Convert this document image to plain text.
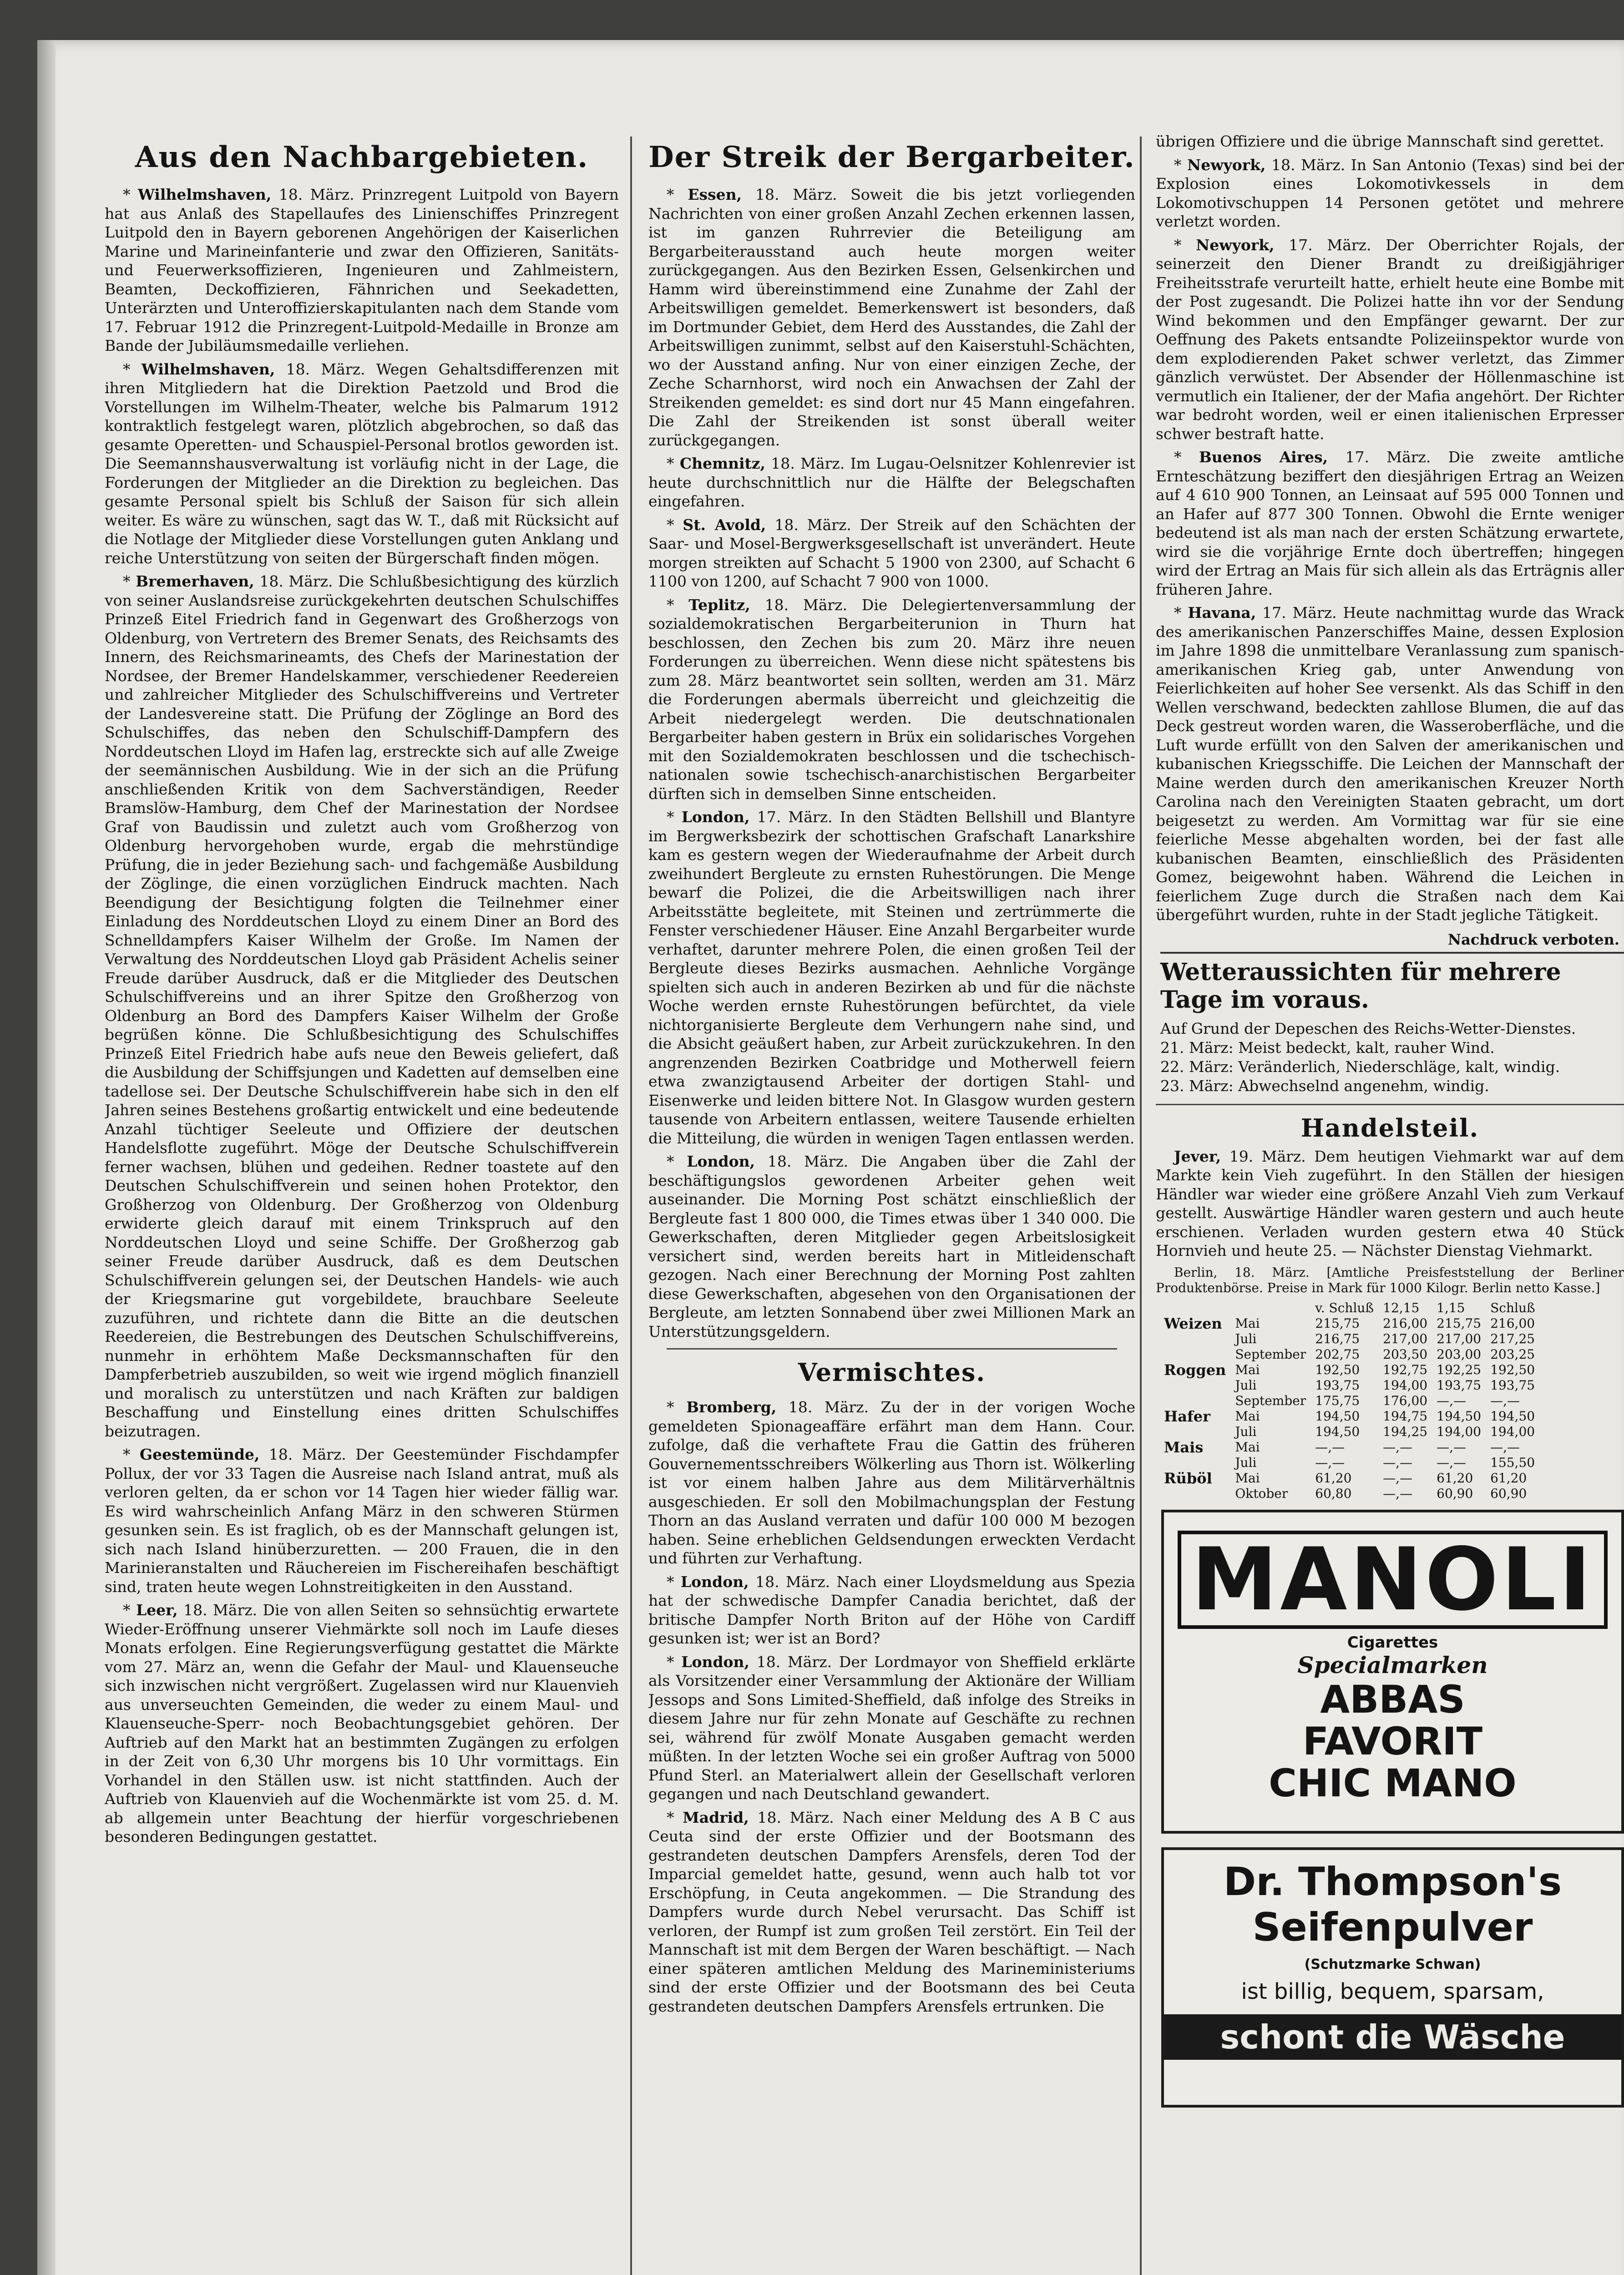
Aus den Nachbargebieten.

* Wilhelmshaven, 18. März. Prinzregent Luitpold von Bayern hat aus Anlaß des Stapellaufes des Linienschiffes Prinzregent Luitpold den in Bayern geborenen Angehörigen der Kaiserlichen Marine und Marineinfanterie und zwar den Offizieren, Sanitäts- und Feuerwerksoffizieren, Ingenieuren und Zahlmeistern, Beamten, Deckoffizieren, Fähnrichen und Seekadetten, Unterärzten und Unteroffizierskapitulanten nach dem Stande vom 17. Februar 1912 die Prinzregent-Luitpold-Medaille in Bronze am Bande der Jubiläumsmedaille verliehen.

* Wilhelmshaven, 18. März. Wegen Gehaltsdifferenzen mit ihren Mitgliedern hat die Direktion Paetzold und Brod die Vorstellungen im Wilhelm-Theater, welche bis Palmarum 1912 kontraktlich festgelegt waren, plötzlich abgebrochen, so daß das gesamte Operetten- und Schauspiel-Personal brotlos geworden ist. Die Seemannshausverwaltung ist vorläufig nicht in der Lage, die Forderungen der Mitglieder an die Direktion zu begleichen. Das gesamte Personal spielt bis Schluß der Saison für sich allein weiter. Es wäre zu wünschen, sagt das W. T., daß mit Rücksicht auf die Notlage der Mitglieder diese Vorstellungen guten Anklang und reiche Unterstützung von seiten der Bürgerschaft finden mögen.

* Bremerhaven, 18. März. Die Schlußbesichtigung des kürzlich von seiner Auslandsreise zurückgekehrten deutschen Schulschiffes Prinzeß Eitel Friedrich fand in Gegenwart des Großherzogs von Oldenburg, von Vertretern des Bremer Senats, des Reichsamts des Innern, des Reichsmarineamts, des Chefs der Marinestation der Nordsee, der Bremer Handelskammer, verschiedener Reedereien und zahlreicher Mitglieder des Schulschiffvereins und Vertreter der Landesvereine statt. Die Prüfung der Zöglinge an Bord des Schulschiffes, das neben den Schulschiff-Dampfern des Norddeutschen Lloyd im Hafen lag, erstreckte sich auf alle Zweige der seemännischen Ausbildung. Wie in der sich an die Prüfung anschließenden Kritik von dem Sachverständigen, Reeder Bramslöw-Hamburg, dem Chef der Marinestation der Nordsee Graf von Baudissin und zuletzt auch vom Großherzog von Oldenburg hervorgehoben wurde, ergab die mehrstündige Prüfung, die in jeder Beziehung sach- und fachgemäße Ausbildung der Zöglinge, die einen vorzüglichen Eindruck machten. Nach Beendigung der Besichtigung folgten die Teilnehmer einer Einladung des Norddeutschen Lloyd zu einem Diner an Bord des Schnelldampfers Kaiser Wilhelm der Große. Im Namen der Verwaltung des Norddeutschen Lloyd gab Präsident Achelis seiner Freude darüber Ausdruck, daß er die Mitglieder des Deutschen Schulschiffvereins und an ihrer Spitze den Großherzog von Oldenburg an Bord des Dampfers Kaiser Wilhelm der Große begrüßen könne. Die Schlußbesichtigung des Schulschiffes Prinzeß Eitel Friedrich habe aufs neue den Beweis geliefert, daß die Ausbildung der Schiffsjungen und Kadetten auf demselben eine tadellose sei. Der Deutsche Schulschiffverein habe sich in den elf Jahren seines Bestehens großartig entwickelt und eine bedeutende Anzahl tüchtiger Seeleute und Offiziere der deutschen Handelsflotte zugeführt. Möge der Deutsche Schulschiffverein ferner wachsen, blühen und gedeihen. Redner toastete auf den Deutschen Schulschiffverein und seinen hohen Protektor, den Großherzog von Oldenburg. Der Großherzog von Oldenburg erwiderte gleich darauf mit einem Trinkspruch auf den Norddeutschen Lloyd und seine Schiffe. Der Großherzog gab seiner Freude darüber Ausdruck, daß es dem Deutschen Schulschiffverein gelungen sei, der Deutschen Handels- wie auch der Kriegsmarine gut vorgebildete, brauchbare Seeleute zuzuführen, und richtete dann die Bitte an die deutschen Reedereien, die Bestrebungen des Deutschen Schulschiffvereins, nunmehr in erhöhtem Maße Decksmannschaften für den Dampferbetrieb auszubilden, so weit wie irgend möglich finanziell und moralisch zu unterstützen und nach Kräften zur baldigen Beschaffung und Einstellung eines dritten Schulschiffes beizutragen.

* Geestemünde, 18. März. Der Geestemünder Fischdampfer Pollux, der vor 33 Tagen die Ausreise nach Island antrat, muß als verloren gelten, da er schon vor 14 Tagen hier wieder fällig war. Es wird wahrscheinlich Anfang März in den schweren Stürmen gesunken sein. Es ist fraglich, ob es der Mannschaft gelungen ist, sich nach Island hinüberzuretten. — 200 Frauen, die in den Marinieranstalten und Räuchereien im Fischereihafen beschäftigt sind, traten heute wegen Lohnstreitigkeiten in den Ausstand.

* Leer, 18. März. Die von allen Seiten so sehnsüchtig erwartete Wieder-Eröffnung unserer Viehmärkte soll noch im Laufe dieses Monats erfolgen. Eine Regierungsverfügung gestattet die Märkte vom 27. März an, wenn die Gefahr der Maul- und Klauenseuche sich inzwischen nicht vergrößert. Zugelassen wird nur Klauenvieh aus unverseuchten Gemeinden, die weder zu einem Maul- und Klauenseuche-Sperr- noch Beobachtungsgebiet gehören. Der Auftrieb auf den Markt hat an bestimmten Zugängen zu erfolgen in der Zeit von 6,30 Uhr morgens bis 10 Uhr vormittags. Ein Vorhandel in den Ställen usw. ist nicht stattfinden. Auch der Auftrieb von Klauenvieh auf die Wochenmärkte ist vom 25. d. M. ab allgemein unter Beachtung der hierfür vorgeschriebenen besonderen Bedingungen gestattet.

Der Streik der Bergarbeiter.

* Essen, 18. März. Soweit die bis jetzt vorliegenden Nachrichten von einer großen Anzahl Zechen erkennen lassen, ist im ganzen Ruhrrevier die Beteiligung am Bergarbeiterausstand auch heute morgen weiter zurückgegangen. Aus den Bezirken Essen, Gelsenkirchen und Hamm wird übereinstimmend eine Zunahme der Zahl der Arbeitswilligen gemeldet. Bemerkenswert ist besonders, daß im Dortmunder Gebiet, dem Herd des Ausstandes, die Zahl der Arbeitswilligen zunimmt, selbst auf den Kaiserstuhl-Schächten, wo der Ausstand anfing. Nur von einer einzigen Zeche, der Zeche Scharnhorst, wird noch ein Anwachsen der Zahl der Streikenden gemeldet: es sind dort nur 45 Mann eingefahren. Die Zahl der Streikenden ist sonst überall weiter zurückgegangen.

* Chemnitz, 18. März. Im Lugau-Oelsnitzer Kohlenrevier ist heute durchschnittlich nur die Hälfte der Belegschaften eingefahren.

* St. Avold, 18. März. Der Streik auf den Schächten der Saar- und Mosel-Bergwerksgesellschaft ist unverändert. Heute morgen streikten auf Schacht 5 1900 von 2300, auf Schacht 6 1100 von 1200, auf Schacht 7 900 von 1000.

* Teplitz, 18. März. Die Delegiertenversammlung der sozialdemokratischen Bergarbeiterunion in Thurn hat beschlossen, den Zechen bis zum 20. März ihre neuen Forderungen zu überreichen. Wenn diese nicht spätestens bis zum 28. März beantwortet sein sollten, werden am 31. März die Forderungen abermals überreicht und gleichzeitig die Arbeit niedergelegt werden. Die deutschnationalen Bergarbeiter haben gestern in Brüx ein solidarisches Vorgehen mit den Sozialdemokraten beschlossen und die tschechisch-nationalen sowie tschechisch-anarchistischen Bergarbeiter dürften sich in demselben Sinne entscheiden.

* London, 17. März. In den Städten Bellshill und Blantyre im Bergwerksbezirk der schottischen Grafschaft Lanarkshire kam es gestern wegen der Wiederaufnahme der Arbeit durch zweihundert Bergleute zu ernsten Ruhestörungen. Die Menge bewarf die Polizei, die die Arbeitswilligen nach ihrer Arbeitsstätte begleitete, mit Steinen und zertrümmerte die Fenster verschiedener Häuser. Eine Anzahl Bergarbeiter wurde verhaftet, darunter mehrere Polen, die einen großen Teil der Bergleute dieses Bezirks ausmachen. Aehnliche Vorgänge spielten sich auch in anderen Bezirken ab und für die nächste Woche werden ernste Ruhestörungen befürchtet, da viele nichtorganisierte Bergleute dem Verhungern nahe sind, und die Absicht geäußert haben, zur Arbeit zurückzukehren. In den angrenzenden Bezirken Coatbridge und Motherwell feiern etwa zwanzigtausend Arbeiter der dortigen Stahl- und Eisenwerke und leiden bittere Not. In Glasgow wurden gestern tausende von Arbeitern entlassen, weitere Tausende erhielten die Mitteilung, die würden in wenigen Tagen entlassen werden.

* London, 18. März. Die Angaben über die Zahl der beschäftigungslos gewordenen Arbeiter gehen weit auseinander. Die Morning Post schätzt einschließlich der Bergleute fast 1 800 000, die Times etwas über 1 340 000. Die Gewerkschaften, deren Mitglieder gegen Arbeitslosigkeit versichert sind, werden bereits hart in Mitleidenschaft gezogen. Nach einer Berechnung der Morning Post zahlten diese Gewerkschaften, abgesehen von den Organisationen der Bergleute, am letzten Sonnabend über zwei Millionen Mark an Unterstützungsgeldern.

Vermischtes.

* Bromberg, 18. März. Zu der in der vorigen Woche gemeldeten Spionageaffäre erfährt man dem Hann. Cour. zufolge, daß die verhaftete Frau die Gattin des früheren Gouvernementsschreibers Wölkerling aus Thorn ist. Wölkerling ist vor einem halben Jahre aus dem Militärverhältnis ausgeschieden. Er soll den Mobilmachungsplan der Festung Thorn an das Ausland verraten und dafür 100 000 M bezogen haben. Seine erheblichen Geldsendungen erweckten Verdacht und führten zur Verhaftung.

* London, 18. März. Nach einer Lloydsmeldung aus Spezia hat der schwedische Dampfer Canadia berichtet, daß der britische Dampfer North Briton auf der Höhe von Cardiff gesunken ist; wer ist an Bord?

* London, 18. März. Der Lordmayor von Sheffield erklärte als Vorsitzender einer Versammlung der Aktionäre der William Jessops and Sons Limited-Sheffield, daß infolge des Streiks in diesem Jahre nur für zehn Monate auf Geschäfte zu rechnen sei, während für zwölf Monate Ausgaben gemacht werden müßten. In der letzten Woche sei ein großer Auftrag von 5000 Pfund Sterl. an Materialwert allein der Gesellschaft verloren gegangen und nach Deutschland gewandert.

* Madrid, 18. März. Nach einer Meldung des A B C aus Ceuta sind der erste Offizier und der Bootsmann des gestrandeten deutschen Dampfers Arensfels, deren Tod der Imparcial gemeldet hatte, gesund, wenn auch halb tot vor Erschöpfung, in Ceuta angekommen. — Die Strandung des Dampfers wurde durch Nebel verursacht. Das Schiff ist verloren, der Rumpf ist zum großen Teil zerstört. Ein Teil der Mannschaft ist mit dem Bergen der Waren beschäftigt. — Nach einer späteren amtlichen Meldung des Marineministeriums sind der erste Offizier und der Bootsmann des bei Ceuta gestrandeten deutschen Dampfers Arensfels ertrunken. Die

übrigen Offiziere und die übrige Mannschaft sind gerettet.

* Newyork, 18. März. In San Antonio (Texas) sind bei der Explosion eines Lokomotivkessels in dem Lokomotivschuppen 14 Personen getötet und mehrere verletzt worden.

* Newyork, 17. März. Der Oberrichter Rojals, der seinerzeit den Diener Brandt zu dreißigjähriger Freiheitsstrafe verurteilt hatte, erhielt heute eine Bombe mit der Post zugesandt. Die Polizei hatte ihn vor der Sendung Wind bekommen und den Empfänger gewarnt. Der zur Oeffnung des Pakets entsandte Polizeiinspektor wurde von dem explodierenden Paket schwer verletzt, das Zimmer gänzlich verwüstet. Der Absender der Höllenmaschine ist vermutlich ein Italiener, der der Mafia angehört. Der Richter war bedroht worden, weil er einen italienischen Erpresser schwer bestraft hatte.

* Buenos Aires, 17. März. Die zweite amtliche Ernteschätzung beziffert den diesjährigen Ertrag an Weizen auf 4 610 900 Tonnen, an Leinsaat auf 595 000 Tonnen und an Hafer auf 877 300 Tonnen. Obwohl die Ernte weniger bedeutend ist als man nach der ersten Schätzung erwartete, wird sie die vorjährige Ernte doch übertreffen; hingegen wird der Ertrag an Mais für sich allein als das Erträgnis aller früheren Jahre.

* Havana, 17. März. Heute nachmittag wurde das Wrack des amerikanischen Panzerschiffes Maine, dessen Explosion im Jahre 1898 die unmittelbare Veranlassung zum spanisch-amerikanischen Krieg gab, unter Anwendung von Feierlichkeiten auf hoher See versenkt. Als das Schiff in den Wellen verschwand, bedeckten zahllose Blumen, die auf das Deck gestreut worden waren, die Wasseroberfläche, und die Luft wurde erfüllt von den Salven der amerikanischen und kubanischen Kriegsschiffe. Die Leichen der Mannschaft der Maine werden durch den amerikanischen Kreuzer North Carolina nach den Vereinigten Staaten gebracht, um dort beigesetzt zu werden. Am Vormittag war für sie eine feierliche Messe abgehalten worden, bei der fast alle kubanischen Beamten, einschließlich des Präsidenten Gomez, beigewohnt haben. Während die Leichen in feierlichem Zuge durch die Straßen nach dem Kai übergeführt wurden, ruhte in der Stadt jegliche Tätigkeit.

Nachdruck verboten.
Wetteraussichten für mehrere Tage im voraus.
Auf Grund der Depeschen des Reichs-Wetter-Dienstes.
21. März: Meist bedeckt, kalt, rauher Wind.
22. März: Veränderlich, Niederschläge, kalt, windig.
23. März: Abwechselnd angenehm, windig.
Handelsteil.

Jever, 19. März. Dem heutigen Viehmarkt war auf dem Markte kein Vieh zugeführt. In den Ställen der hiesigen Händler war wieder eine größere Anzahl Vieh zum Verkauf gestellt. Auswärtige Händler waren gestern und auch heute erschienen. Verladen wurden gestern etwa 40 Stück Hornvieh und heute 25. — Nächster Dienstag Viehmarkt.

Berlin, 18. März. [Amtliche Preisfeststellung der Berliner Produktenbörse. Preise in Mark für 1000 Kilogr. Berlin netto Kasse.]

		v. Schluß	12,15	1,15	Schluß
Weizen	Mai	215,75	216,00	215,75	216,00
	Juli	216,75	217,00	217,00	217,25
	September	202,75	203,50	203,00	203,25
Roggen	Mai	192,50	192,75	192,25	192,50
	Juli	193,75	194,00	193,75	193,75
	September	175,75	176,00	—,—	—,—
Hafer	Mai	194,50	194,75	194,50	194,50
	Juli	194,50	194,25	194,00	194,00
Mais	Mai	—,—	—,—	—,—	—,—
	Juli	—,—	—,—	—,—	155,50
Rüböl	Mai	61,20	—,—	61,20	61,20
	Oktober	60,80	—,—	60,90	60,90
MANOLI
Cigarettes
Specialmarken
ABBAS
FAVORIT
CHIC MANO
Dr. Thompson's
Seifenpulver
(Schutzmarke Schwan)
ist billig, bequem, sparsam,
schont die Wäsche
